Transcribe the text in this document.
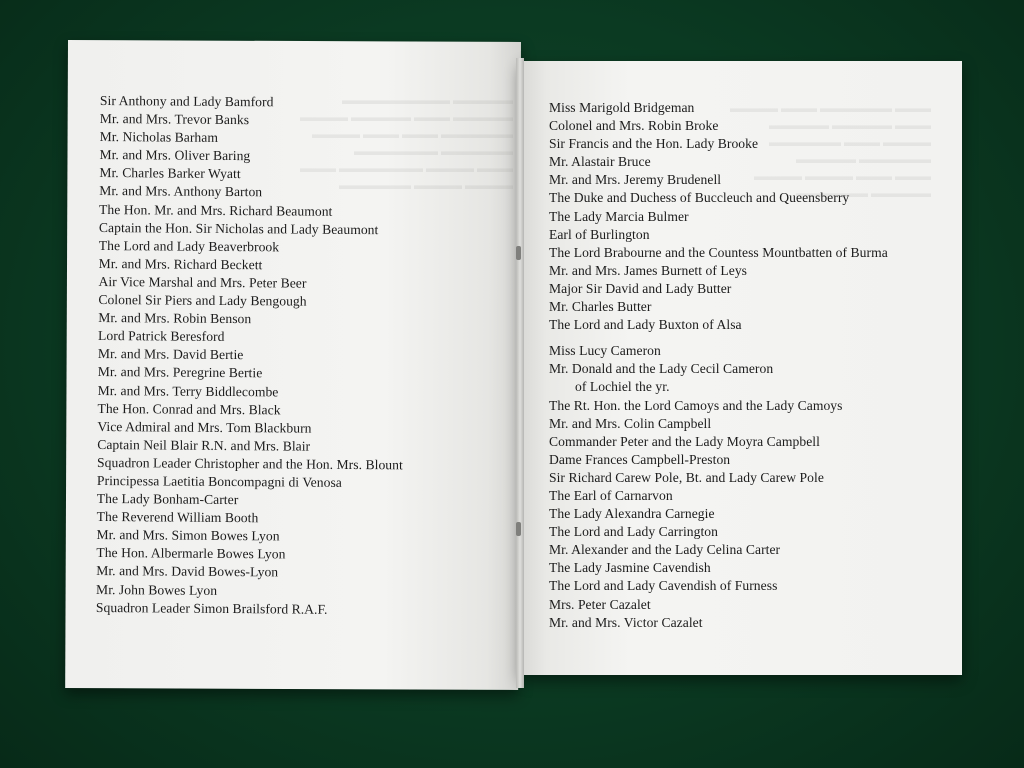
Sir Anthony and Lady Bamford
Mr. and Mrs. Trevor Banks
Mr. Nicholas Barham
Mr. and Mrs. Oliver Baring
Mr. Charles Barker Wyatt
Mr. and Mrs. Anthony Barton
The Hon. Mr. and Mrs. Richard Beaumont
Captain the Hon. Sir Nicholas and Lady Beaumont
The Lord and Lady Beaverbrook
Mr. and Mrs. Richard Beckett
Air Vice Marshal and Mrs. Peter Beer
Colonel Sir Piers and Lady Bengough
Mr. and Mrs. Robin Benson
Lord Patrick Beresford
Mr. and Mrs. David Bertie
Mr. and Mrs. Peregrine Bertie
Mr. and Mrs. Terry Biddlecombe
The Hon. Conrad and Mrs. Black
Vice Admiral and Mrs. Tom Blackburn
Captain Neil Blair R.N. and Mrs. Blair
Squadron Leader Christopher and the Hon. Mrs. Blount
Principessa Laetitia Boncompagni di Venosa
The Lady Bonham-Carter
The Reverend William Booth
Mr. and Mrs. Simon Bowes Lyon
The Hon. Albermarle Bowes Lyon
Mr. and Mrs. David Bowes-Lyon
Mr. John Bowes Lyon
Squadron Leader Simon Brailsford R.A.F.
Miss Marigold Bridgeman
Colonel and Mrs. Robin Broke
Sir Francis and the Hon. Lady Brooke
Mr. Alastair Bruce
Mr. and Mrs. Jeremy Brudenell
The Duke and Duchess of Buccleuch and Queensberry
The Lady Marcia Bulmer
Earl of Burlington
The Lord Brabourne and the Countess Mountbatten of Burma
Mr. and Mrs. James Burnett of Leys
Major Sir David and Lady Butter
Mr. Charles Butter
The Lord and Lady Buxton of Alsa
Miss Lucy Cameron
Mr. Donald and the Lady Cecil Cameron
of Lochiel the yr.
The Rt. Hon. the Lord Camoys and the Lady Camoys
Mr. and Mrs. Colin Campbell
Commander Peter and the Lady Moyra Campbell
Dame Frances Campbell-Preston
Sir Richard Carew Pole, Bt. and Lady Carew Pole
The Earl of Carnarvon
The Lady Alexandra Carnegie
The Lord and Lady Carrington
Mr. Alexander and the Lady Celina Carter
The Lady Jasmine Cavendish
The Lord and Lady Cavendish of Furness
Mrs. Peter Cazalet
Mr. and Mrs. Victor Cazalet
